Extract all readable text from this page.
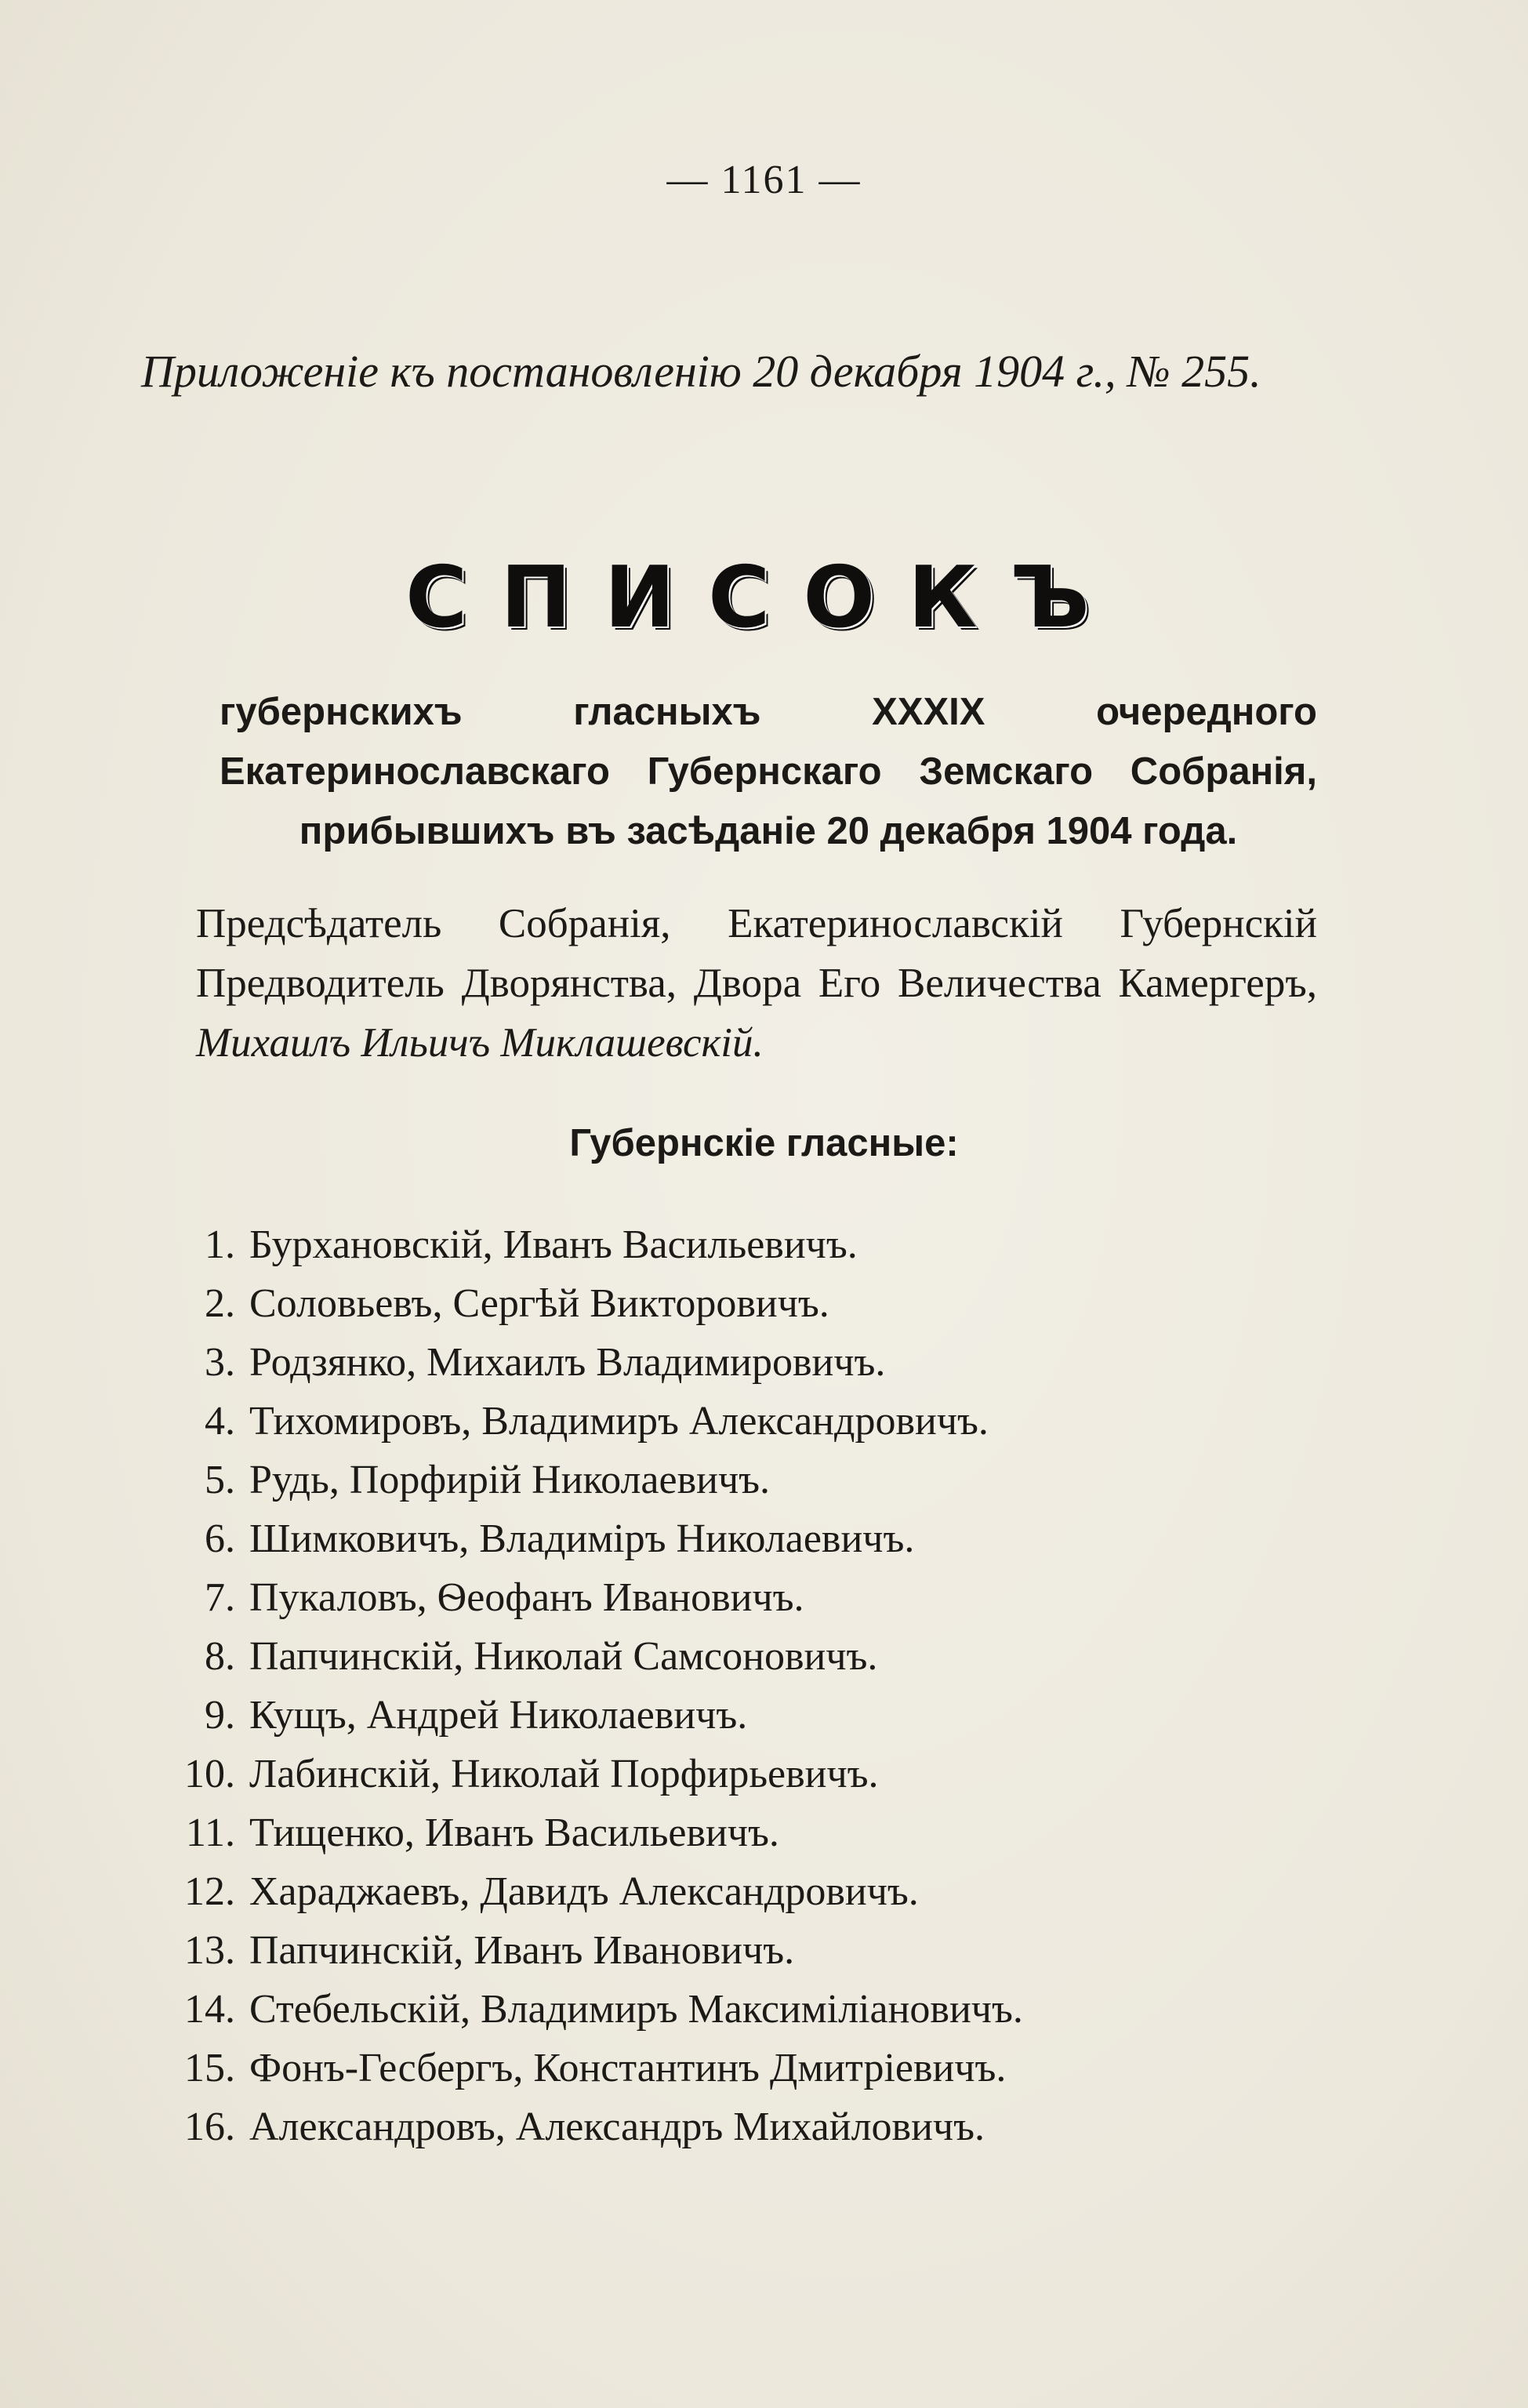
— 1161 —
Приложеніе къ постановленію 20 декабря 1904 г., № 255.
СПИСОКЪ
губернскихъ гласныхъ XXXIX очередного Екатеринославскаго Губернскаго Земскаго Собранія, прибывшихъ въ засѣданіе 20 декабря 1904 года.
Предсѣдатель Собранія, Екатеринославскій Губернскій Предводитель Дворянства, Двора Его Величества Камергеръ, Михаилъ Ильичъ Миклашевскій.
Губернскіе гласные:
1. Бурхановскій, Иванъ Васильевичъ.
2. Соловьевъ, Сергѣй Викторовичъ.
3. Родзянко, Михаилъ Владимировичъ.
4. Тихомировъ, Владимиръ Александровичъ.
5. Рудь, Порфирій Николаевичъ.
6. Шимковичъ, Владиміръ Николаевичъ.
7. Пукаловъ, Ѳеофанъ Ивановичъ.
8. Папчинскій, Николай Самсоновичъ.
9. Кущъ, Андрей Николаевичъ.
10. Лабинскій, Николай Порфирьевичъ.
11. Тищенко, Иванъ Васильевичъ.
12. Хараджаевъ, Давидъ Александровичъ.
13. Папчинскій, Иванъ Ивановичъ.
14. Стебельскій, Владимиръ Максиміліановичъ.
15. Фонъ-Гесбергъ, Константинъ Дмитріевичъ.
16. Александровъ, Александръ Михайловичъ.
